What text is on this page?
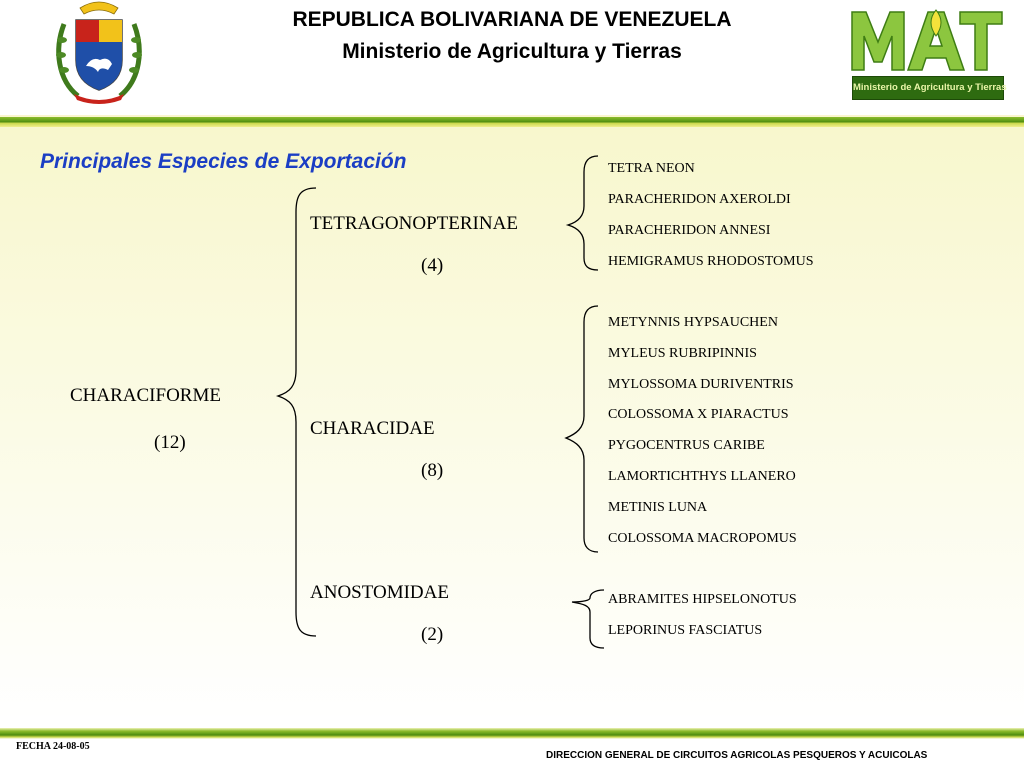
REPUBLICA BOLIVARIANA DE VENEZUELA
Ministerio de Agricultura y Tierras
Ministerio de Agricultura y Tierras
Principales Especies de Exportación
CHARACIFORME
(12)
TETRAGONOPTERINAE
(4)
CHARACIDAE
(8)
ANOSTOMIDAE
(2)
TETRA NEON
PARACHERIDON AXEROLDI
PARACHERIDON ANNESI
HEMIGRAMUS RHODOSTOMUS
METYNNIS HYPSAUCHEN
MYLEUS RUBRIPINNIS
MYLOSSOMA DURIVENTRIS
COLOSSOMA X PIARACTUS
PYGOCENTRUS CARIBE
LAMORTICHTHYS LLANERO
METINIS LUNA
COLOSSOMA MACROPOMUS
ABRAMITES HIPSELONOTUS
LEPORINUS FASCIATUS
FECHA 24-08-05
DIRECCION GENERAL DE CIRCUITOS AGRICOLAS PESQUEROS Y ACUICOLAS
